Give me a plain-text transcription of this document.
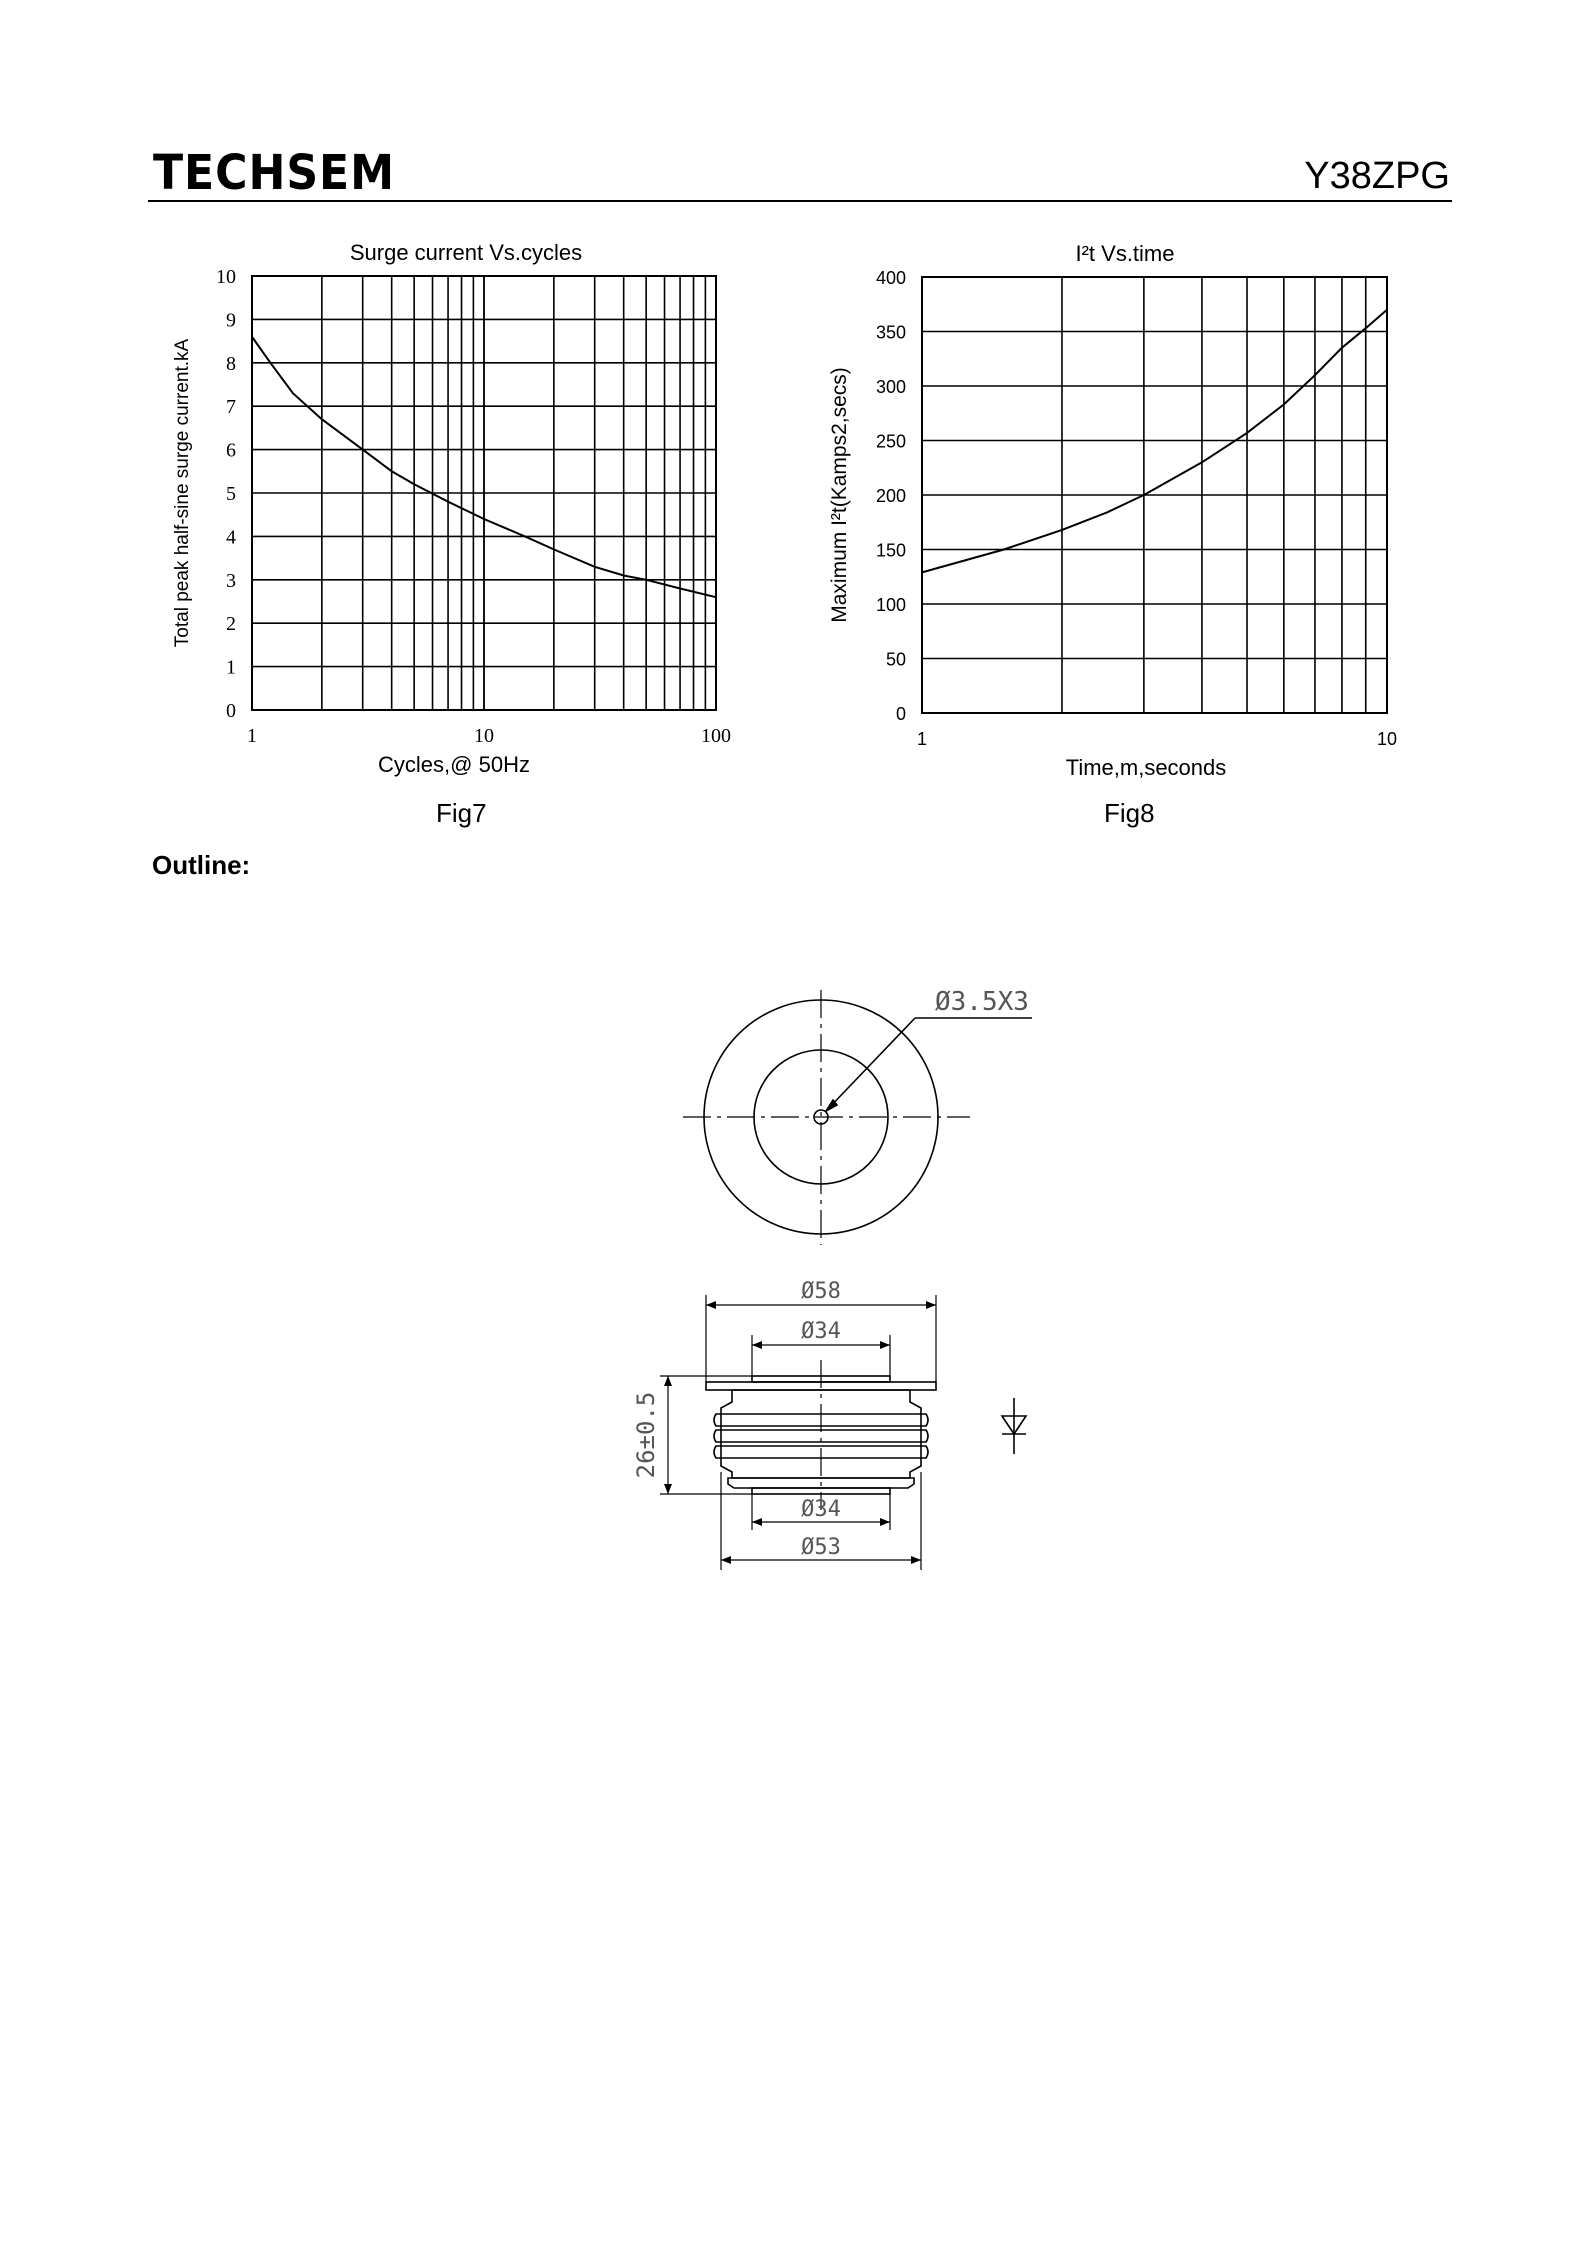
TECHSEM	Y38ZPG
0
1
2
3
4
5
6
7
8
9
10
1	10	100
Surge current Vs.cycles
Cycles,@ 50Hz
Total peak half-sine surge current.kA
0
50
100
150
200
250
300
350
400
1	10
I²t Vs.time
Time,m,seconds
Maximum I²t(Kamps2,secs)
Fig7	Fig8
Outline:
Ø3.5X3
Ø58
Ø34
26±0.5
Ø34
Ø53
